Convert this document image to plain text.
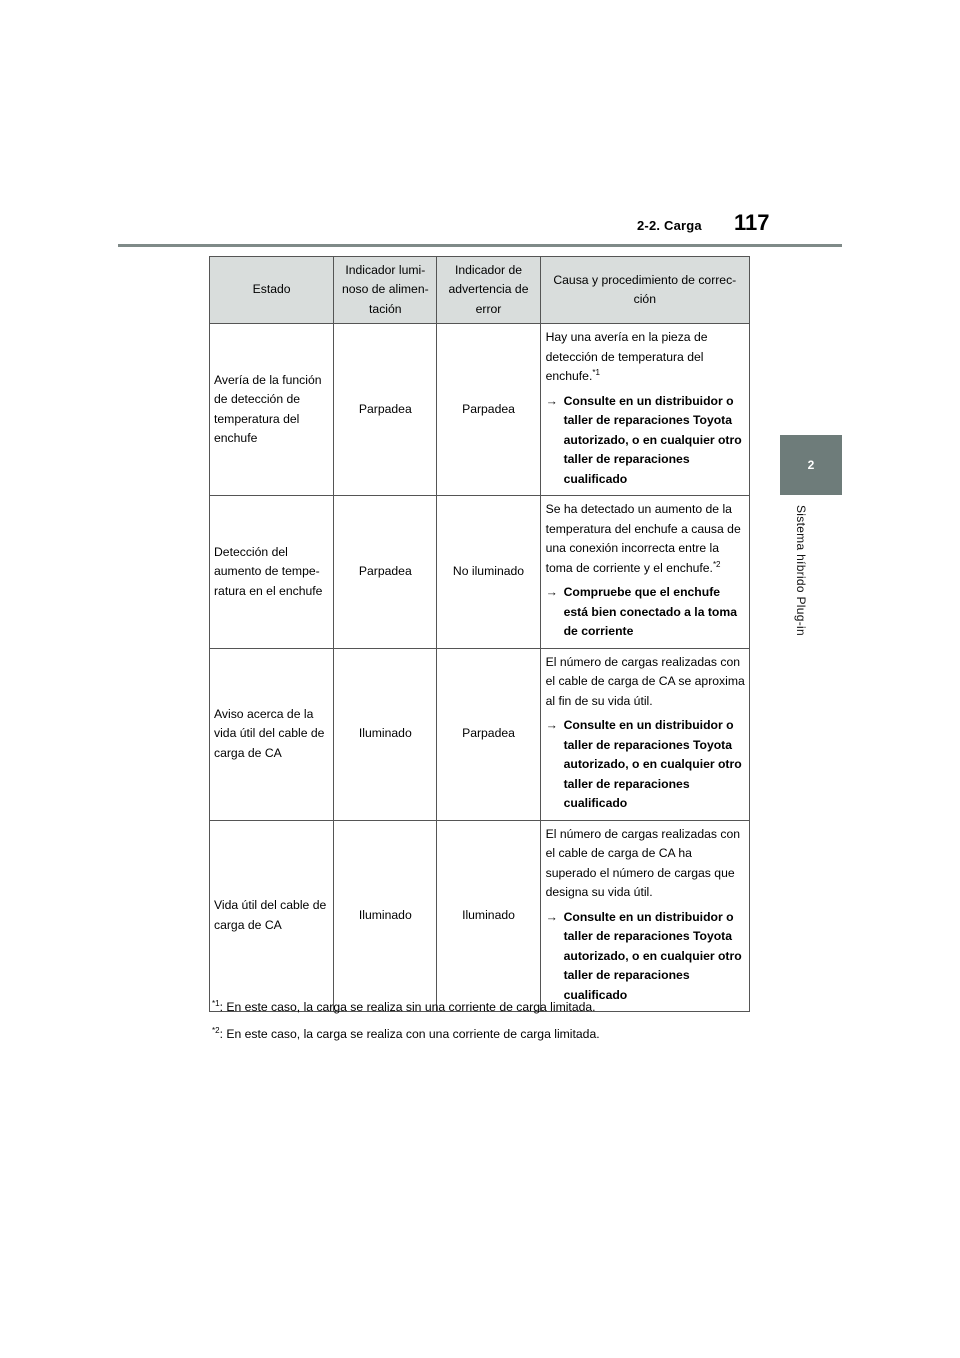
2-2. Carga 117
2
Sistema híbrido Plug-in
Estado	Indicador lumi-noso de alimen-tación	Indicador de advertencia de error	Causa y procedimiento de correc-ción

Avería de la función de detección de temperatura del enchufe	Parpadea	Parpadea	Hay una avería en la pieza de detección de temperatura del enchufe.$^{*1}$
→ Consulte en un distribuidor o taller de reparaciones Toyota autorizado, o en cualquier otro taller de reparaciones cualificado

Detección del aumento de tempe-ratura en el enchufe	Parpadea	No iluminado	Se ha detectado un aumento de la temperatura del enchufe a causa de una conexión incorrecta entre la toma de corriente y el enchufe.$^{*2}$
→ Compruebe que el enchufe está bien conectado a la toma de corriente

Aviso acerca de la vida útil del cable de carga de CA	Iluminado	Parpadea	El número de cargas realizadas con el cable de carga de CA se aproxima al fin de su vida útil.
→ Consulte en un distribuidor o taller de reparaciones Toyota autorizado, o en cualquier otro taller de reparaciones cualificado

Vida útil del cable de carga de CA	Iluminado	Iluminado	El número de cargas realizadas con el cable de carga de CA ha superado el número de cargas que designa su vida útil.
→ Consulte en un distribuidor o taller de reparaciones Toyota autorizado, o en cualquier otro taller de reparaciones cualificado
$^{*1}$: En este caso, la carga se realiza sin una corriente de carga limitada.
$^{*2}$: En este caso, la carga se realiza con una corriente de carga limitada.
